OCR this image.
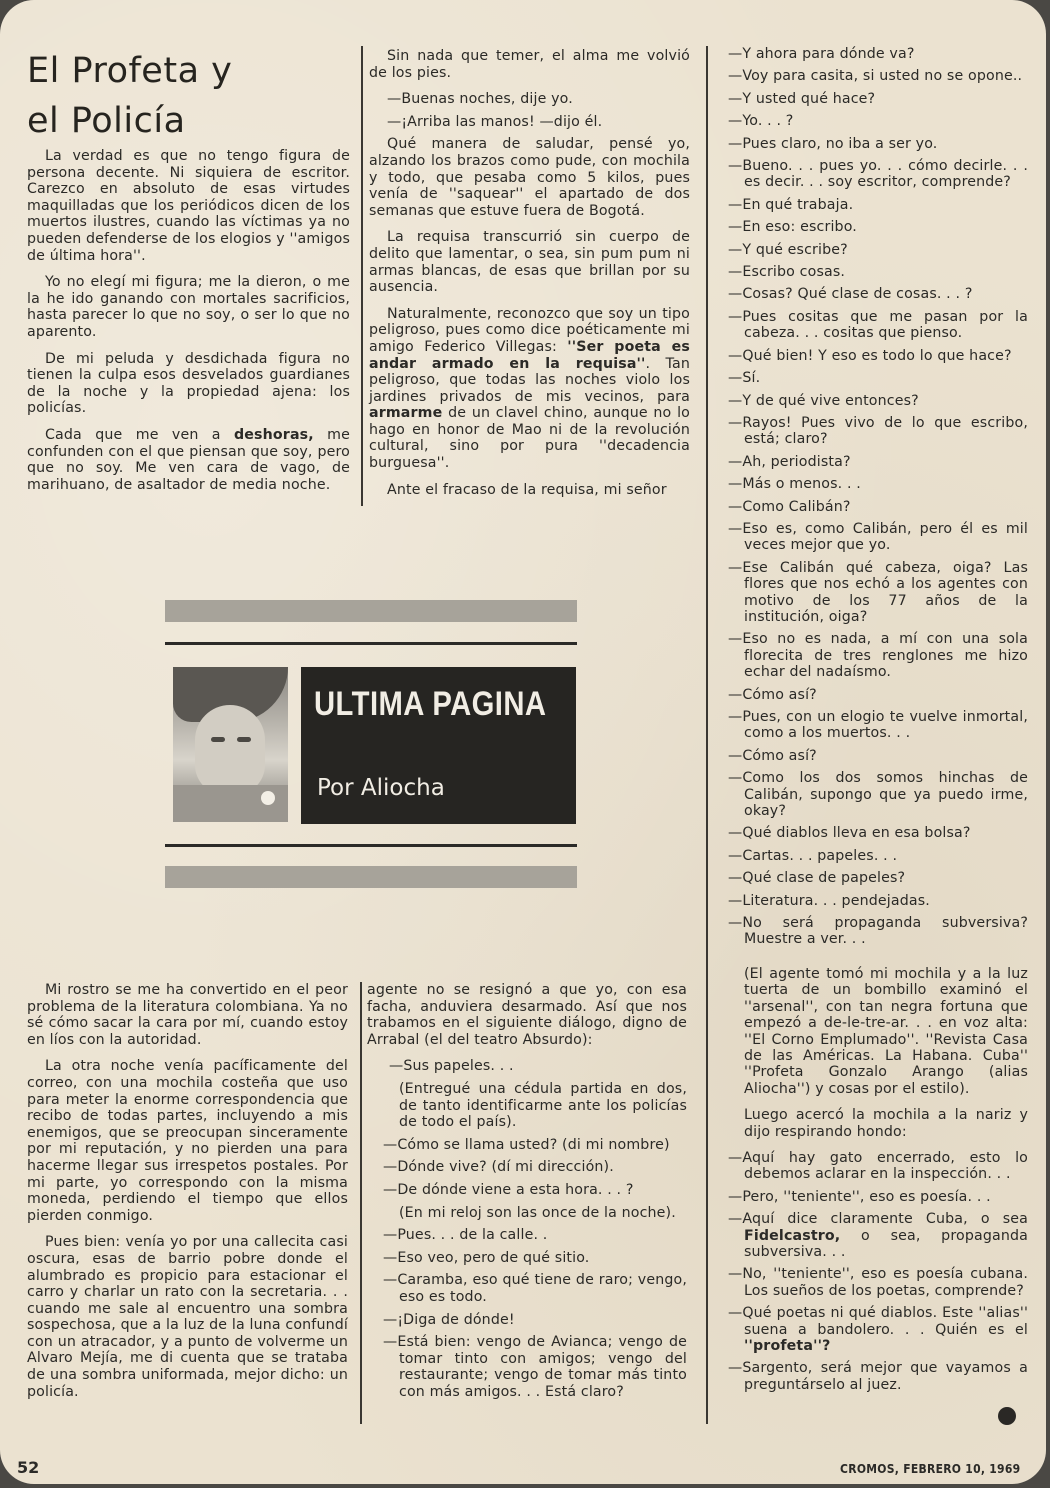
El Profeta y
el Policía

La verdad es que no tengo figura de persona decente. Ni siquiera de escritor. Carezco en absoluto de esas virtudes maquilladas que los periódicos dicen de los muertos ilustres, cuando las víctimas ya no pueden defenderse de los elogios y ''amigos de última hora''.

Yo no elegí mi figura; me la dieron, o me la he ido ganando con mortales sacrificios, hasta parecer lo que no soy, o ser lo que no aparento.

De mi peluda y desdichada figura no tienen la culpa esos desvelados guardianes de la noche y la propiedad ajena: los policías.

Cada que me ven a deshoras, me confunden con el que piensan que soy, pero que no soy. Me ven cara de vago, de marihuano, de asaltador de media noche.

Sin nada que temer, el alma me volvió de los pies.

—Buenas noches, dije yo.

—¡Arriba las manos! —dijo él.

Qué manera de saludar, pensé yo, alzando los brazos como pude, con mochila y todo, que pesaba como 5 kilos, pues venía de ''saquear'' el apartado de dos semanas que estuve fuera de Bogotá.

La requisa transcurrió sin cuerpo de delito que lamentar, o sea, sin pum pum ni armas blancas, de esas que brillan por su ausencia.

Naturalmente, reconozco que soy un tipo peligroso, pues como dice poéticamente mi amigo Federico Villegas: ''Ser poeta es andar armado en la requisa''. Tan peligroso, que todas las noches violo los jardines privados de mis vecinos, para armarme de un clavel chino, aunque no lo hago en honor de Mao ni de la revolución cultural, sino por pura ''decadencia burguesa''.

Ante el fracaso de la requisa, mi señor

—Y ahora para dónde va?

—Voy para casita, si usted no se opone..

—Y usted qué hace?

—Yo. . . ?

—Pues claro, no iba a ser yo.

—Bueno. . . pues yo. . . cómo decirle. . . es decir. . . soy escritor, comprende?

—En qué trabaja.

—En eso: escribo.

—Y qué escribe?

—Escribo cosas.

—Cosas? Qué clase de cosas. . . ?

—Pues cositas que me pasan por la cabeza. . . cositas que pienso.

—Qué bien! Y eso es todo lo que hace?

—Sí.

—Y de qué vive entonces?

—Rayos! Pues vivo de lo que escribo, está; claro?

—Ah, periodista?

—Más o menos. . .

—Como Calibán?

—Eso es, como Calibán, pero él es mil veces mejor que yo.

—Ese Calibán qué cabeza, oiga? Las flores que nos echó a los agentes con motivo de los 77 años de la institución, oiga?

—Eso no es nada, a mí con una sola florecita de tres renglones me hizo echar del nadaísmo.

—Cómo así?

—Pues, con un elogio te vuelve inmortal, como a los muertos. . .

—Cómo así?

—Como los dos somos hinchas de Calibán, supongo que ya puedo irme, okay?

—Qué diablos lleva en esa bolsa?

—Cartas. . . papeles. . .

—Qué clase de papeles?

—Literatura. . . pendejadas.

—No será propaganda subversiva? Muestre a ver. . .

(El agente tomó mi mochila y a la luz tuerta de un bombillo examinó el ''arsenal'', con tan negra fortuna que empezó a de-le-tre-ar. . . en voz alta: ''El Corno Emplumado''. ''Revista Casa de las Américas. La Habana. Cuba'' ''Profeta Gonzalo Arango (alias Aliocha'') y cosas por el estilo).

Luego acercó la mochila a la nariz y dijo respirando hondo:

—Aquí hay gato encerrado, esto lo debemos aclarar en la inspección. . .

—Pero, ''teniente'', eso es poesía. . .

—Aquí dice claramente Cuba, o sea Fidelcastro, o sea, propaganda subversiva. . .

—No, ''teniente'', eso es poesía cubana. Los sueños de los poetas, comprende?

—Qué poetas ni qué diablos. Este ''alias'' suena a bandolero. . . Quién es el ''profeta''?

—Sargento, será mejor que vayamos a preguntárselo al juez.

ULTIMA PAGINA
Por Aliocha

Mi rostro se me ha convertido en el peor problema de la literatura colombiana. Ya no sé cómo sacar la cara por mí, cuando estoy en líos con la autoridad.

La otra noche venía pacíficamente del correo, con una mochila costeña que uso para meter la enorme correspondencia que recibo de todas partes, incluyendo a mis enemigos, que se preocupan sinceramente por mi reputación, y no pierden una para hacerme llegar sus irrespetos postales. Por mi parte, yo correspondo con la misma moneda, perdiendo el tiempo que ellos pierden conmigo.

Pues bien: venía yo por una callecita casi oscura, esas de barrio pobre donde el alumbrado es propicio para estacionar el carro y charlar un rato con la secretaria. . . cuando me sale al encuentro una sombra sospechosa, que a la luz de la luna confundí con un atracador, y a punto de volverme un Alvaro Mejía, me di cuenta que se trataba de una sombra uniformada, mejor dicho: un policía.

agente no se resignó a que yo, con esa facha, anduviera desarmado. Así que nos trabamos en el siguiente diálogo, digno de Arrabal (el del teatro Absurdo):

—Sus papeles. . .

(Entregué una cédula partida en dos, de tanto identificarme ante los policías de todo el país).

—Cómo se llama usted? (di mi nombre)

—Dónde vive? (dí mi dirección).

—De dónde viene a esta hora. . . ?

(En mi reloj son las once de la noche).

—Pues. . . de la calle. .

—Eso veo, pero de qué sitio.

—Caramba, eso qué tiene de raro; vengo, eso es todo.

—¡Diga de dónde!

—Está bien: vengo de Avianca; vengo de tomar tinto con amigos; vengo del restaurante; vengo de tomar más tinto con más amigos. . . Está claro?

52	CROMOS, FEBRERO 10, 1969
